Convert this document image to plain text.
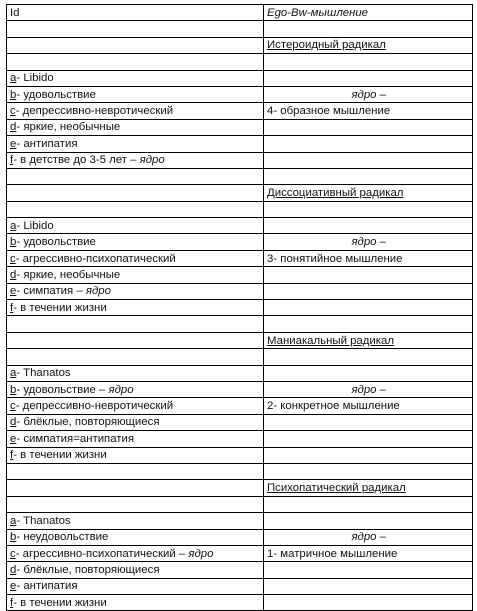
Id	Ego-Bw-мышление

	Истероидный радикал

a- Libido	
b- удовольствие	ядро –
c- депрессивно-невротический	4- образное мышление
d- яркие, необычные	
e- антипатия	
f- в детстве до 3-5 лет – ядро	

	Диссоциативный радикал

a- Libido	
b- удовольствие	ядро –
c- агрессивно-психопатический	3- понятийное мышление
d- яркие, необычные	
e- симпатия – ядро	
f- в течении жизни	

	Маниакальный радикал

a- Thanatos	
b- удовольствие – ядро	ядро –
c- депрессивно-невротический	2- конкретное мышление
d- блёклые, повторяющиеся	
e- симпатия=антипатия	
f- в течении жизни	

	Психопатический радикал

a- Thanatos	
b- неудовольствие	ядро –
c- агрессивно-психопатический – ядро	1- матричное мышление
d- блёклые, повторяющиеся	
e- антипатия	
f- в течении жизни	
